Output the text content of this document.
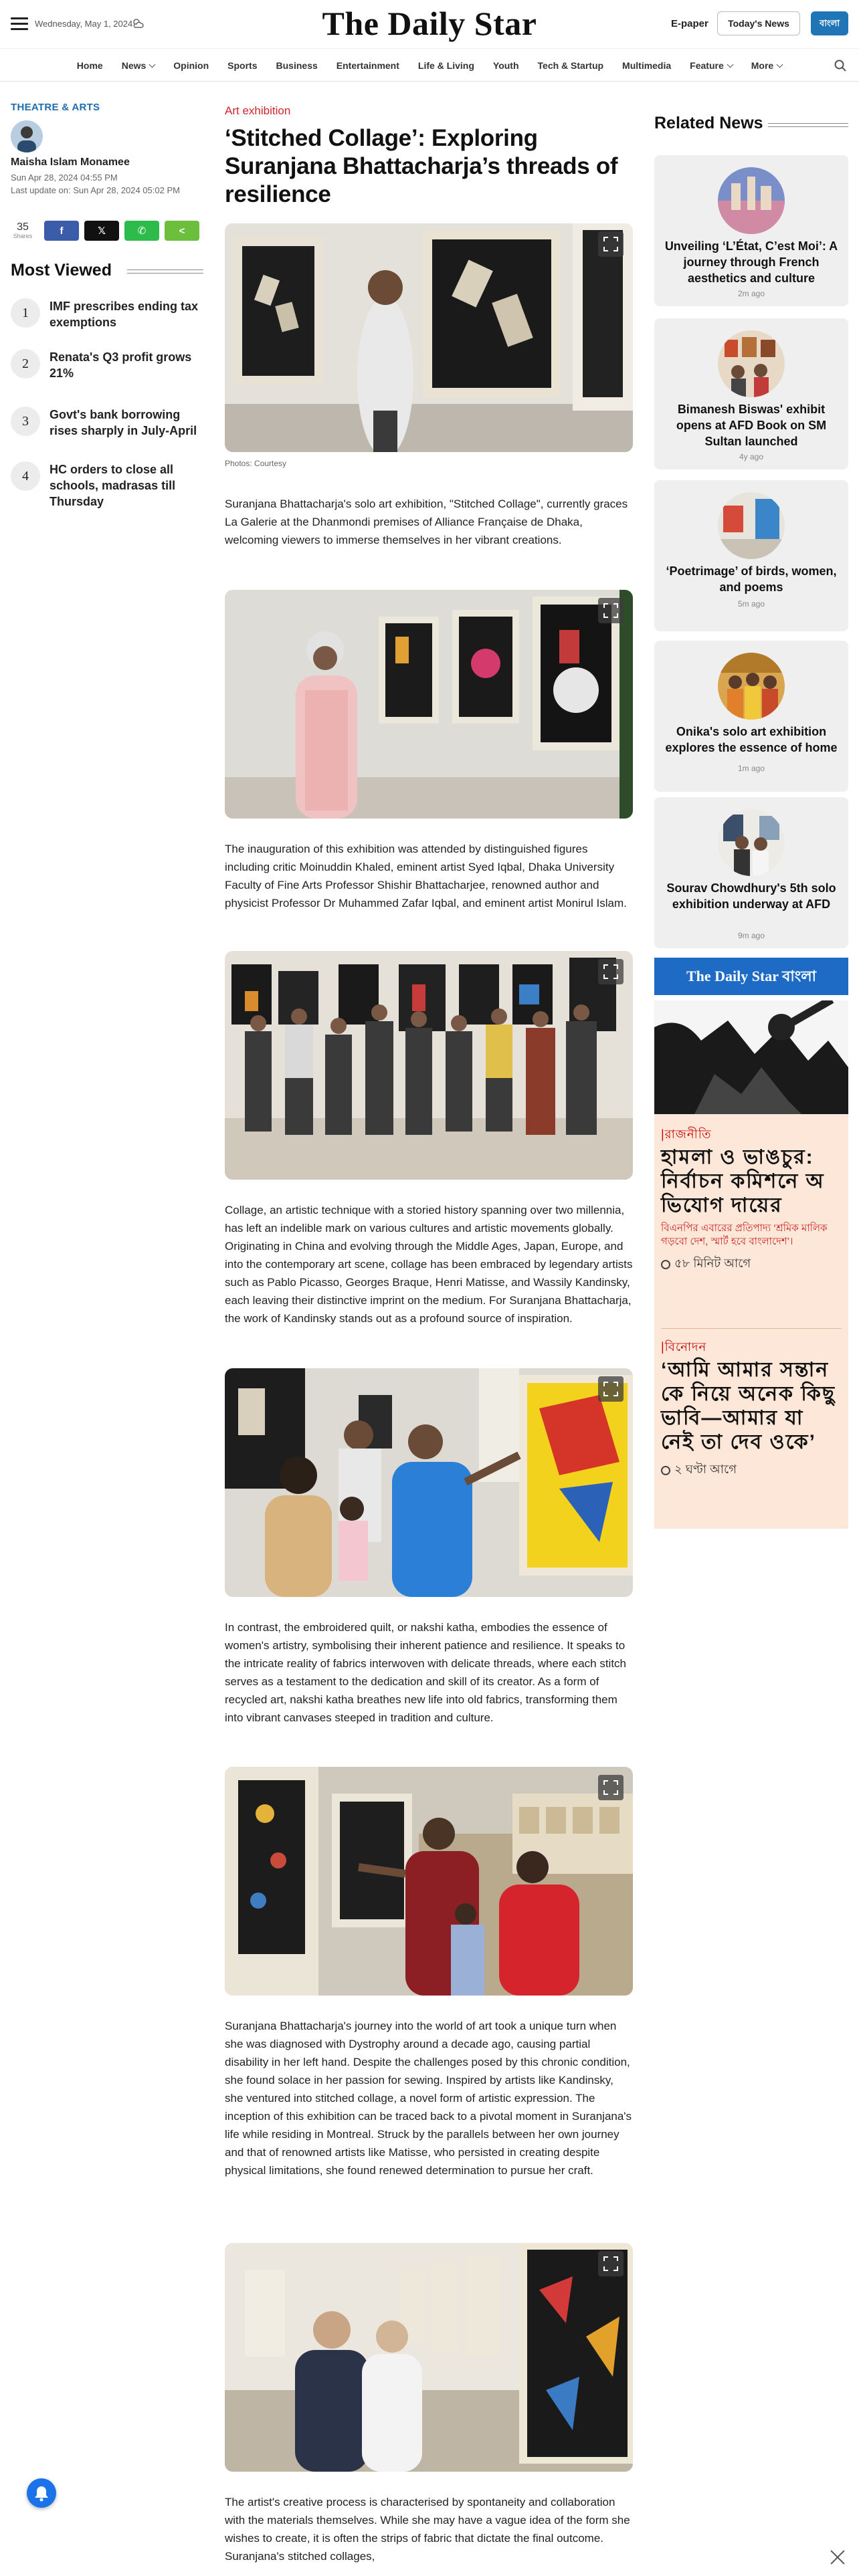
Wednesday, May 1, 2024	The Daily Star	E-paper	Today's News	বাংলা
Home News	Opinion Sports Business Entertainment Life & Living Youth Tech & Startup Multimedia Feature	More
THEATRE & ARTS
Maisha Islam Monamee
Sun Apr 28, 2024 04:55 PM
Last update on: Sun Apr 28, 2024 05:02 PM
35
Shares	f	𝕏	✆	<
Most Viewed
1	IMF prescribes ending tax exemptions
2	Renata's Q3 profit grows 21%
3	Govt's bank borrowing rises sharply in July-April
4	HC orders to close all schools, madrasas till Thursday
Art exhibition
‘Stitched Collage’: Exploring Suranjana Bhattacharja’s threads of resilience
Photos: Courtesy

Suranjana Bhattacharja's solo art exhibition, "Stitched Collage", currently graces La Galerie at the Dhanmondi premises of Alliance Française de Dhaka, welcoming viewers to immerse themselves in her vibrant creations.

The inauguration of this exhibition was attended by distinguished figures including critic Moinuddin Khaled, eminent artist Syed Iqbal, Dhaka University Faculty of Fine Arts Professor Shishir Bhattacharjee, renowned author and physicist Professor Dr Muhammed Zafar Iqbal, and eminent artist Monirul Islam.

Collage, an artistic technique with a storied history spanning over two millennia, has left an indelible mark on various cultures and artistic movements globally. Originating in China and evolving through the Middle Ages, Japan, Europe, and into the contemporary art scene, collage has been embraced by legendary artists such as Pablo Picasso, Georges Braque, Henri Matisse, and Wassily Kandinsky, each leaving their distinctive imprint on the medium. For Suranjana Bhattacharja, the work of Kandinsky stands out as a profound source of inspiration.

In contrast, the embroidered quilt, or nakshi katha, embodies the essence of women's artistry, symbolising their inherent patience and resilience. It speaks to the intricate reality of fabrics interwoven with delicate threads, where each stitch serves as a testament to the dedication and skill of its creator. As a form of recycled art, nakshi katha breathes new life into old fabrics, transforming them into vibrant canvases steeped in tradition and culture.

Suranjana Bhattacharja's journey into the world of art took a unique turn when she was diagnosed with Dystrophy around a decade ago, causing partial disability in her left hand. Despite the challenges posed by this chronic condition, she found solace in her passion for sewing. Inspired by artists like Kandinsky, she ventured into stitched collage, a novel form of artistic expression. The inception of this exhibition can be traced back to a pivotal moment in Suranjana's life while residing in Montreal. Struck by the parallels between her own journey and that of renowned artists like Matisse, who persisted in creating despite physical limitations, she found renewed determination to pursue her craft.

The artist's creative process is characterised by spontaneity and collaboration with the materials themselves. While she may have a vague idea of the form she wishes to create, it is often the strips of fabric that dictate the final outcome. Suranjana's stitched collages,

Related News
Unveiling ‘L’État, C’est Moi’: A journey through French aesthetics and culture
2m ago
Bimanesh Biswas' exhibit opens at AFD Book on SM Sultan launched
4y ago
‘Poetrimage’ of birds, women, and poems
5m ago
Onika's solo art exhibition explores the essence of home
1m ago
Sourav Chowdhury's 5th solo exhibition underway at AFD
9m ago
The Daily Star বাংলা
|রাজনীতি
হামলা ও ভাঙচুর: নির্বাচন কমিশনে অভিযোগ দায়ের
বিএনপির এবারের প্রতিপাদ্য ‘শ্রমিক মালিক গড়বো দেশ, স্মার্ট হবে বাংলাদেশ’।
৫৮ মিনিট আগে
|বিনোদন
‘আমি আমার সন্তানকে নিয়ে অনেক কিছু ভাবি—আমার যা নেই তা দেব ওকে’
২ ঘণ্টা আগে
